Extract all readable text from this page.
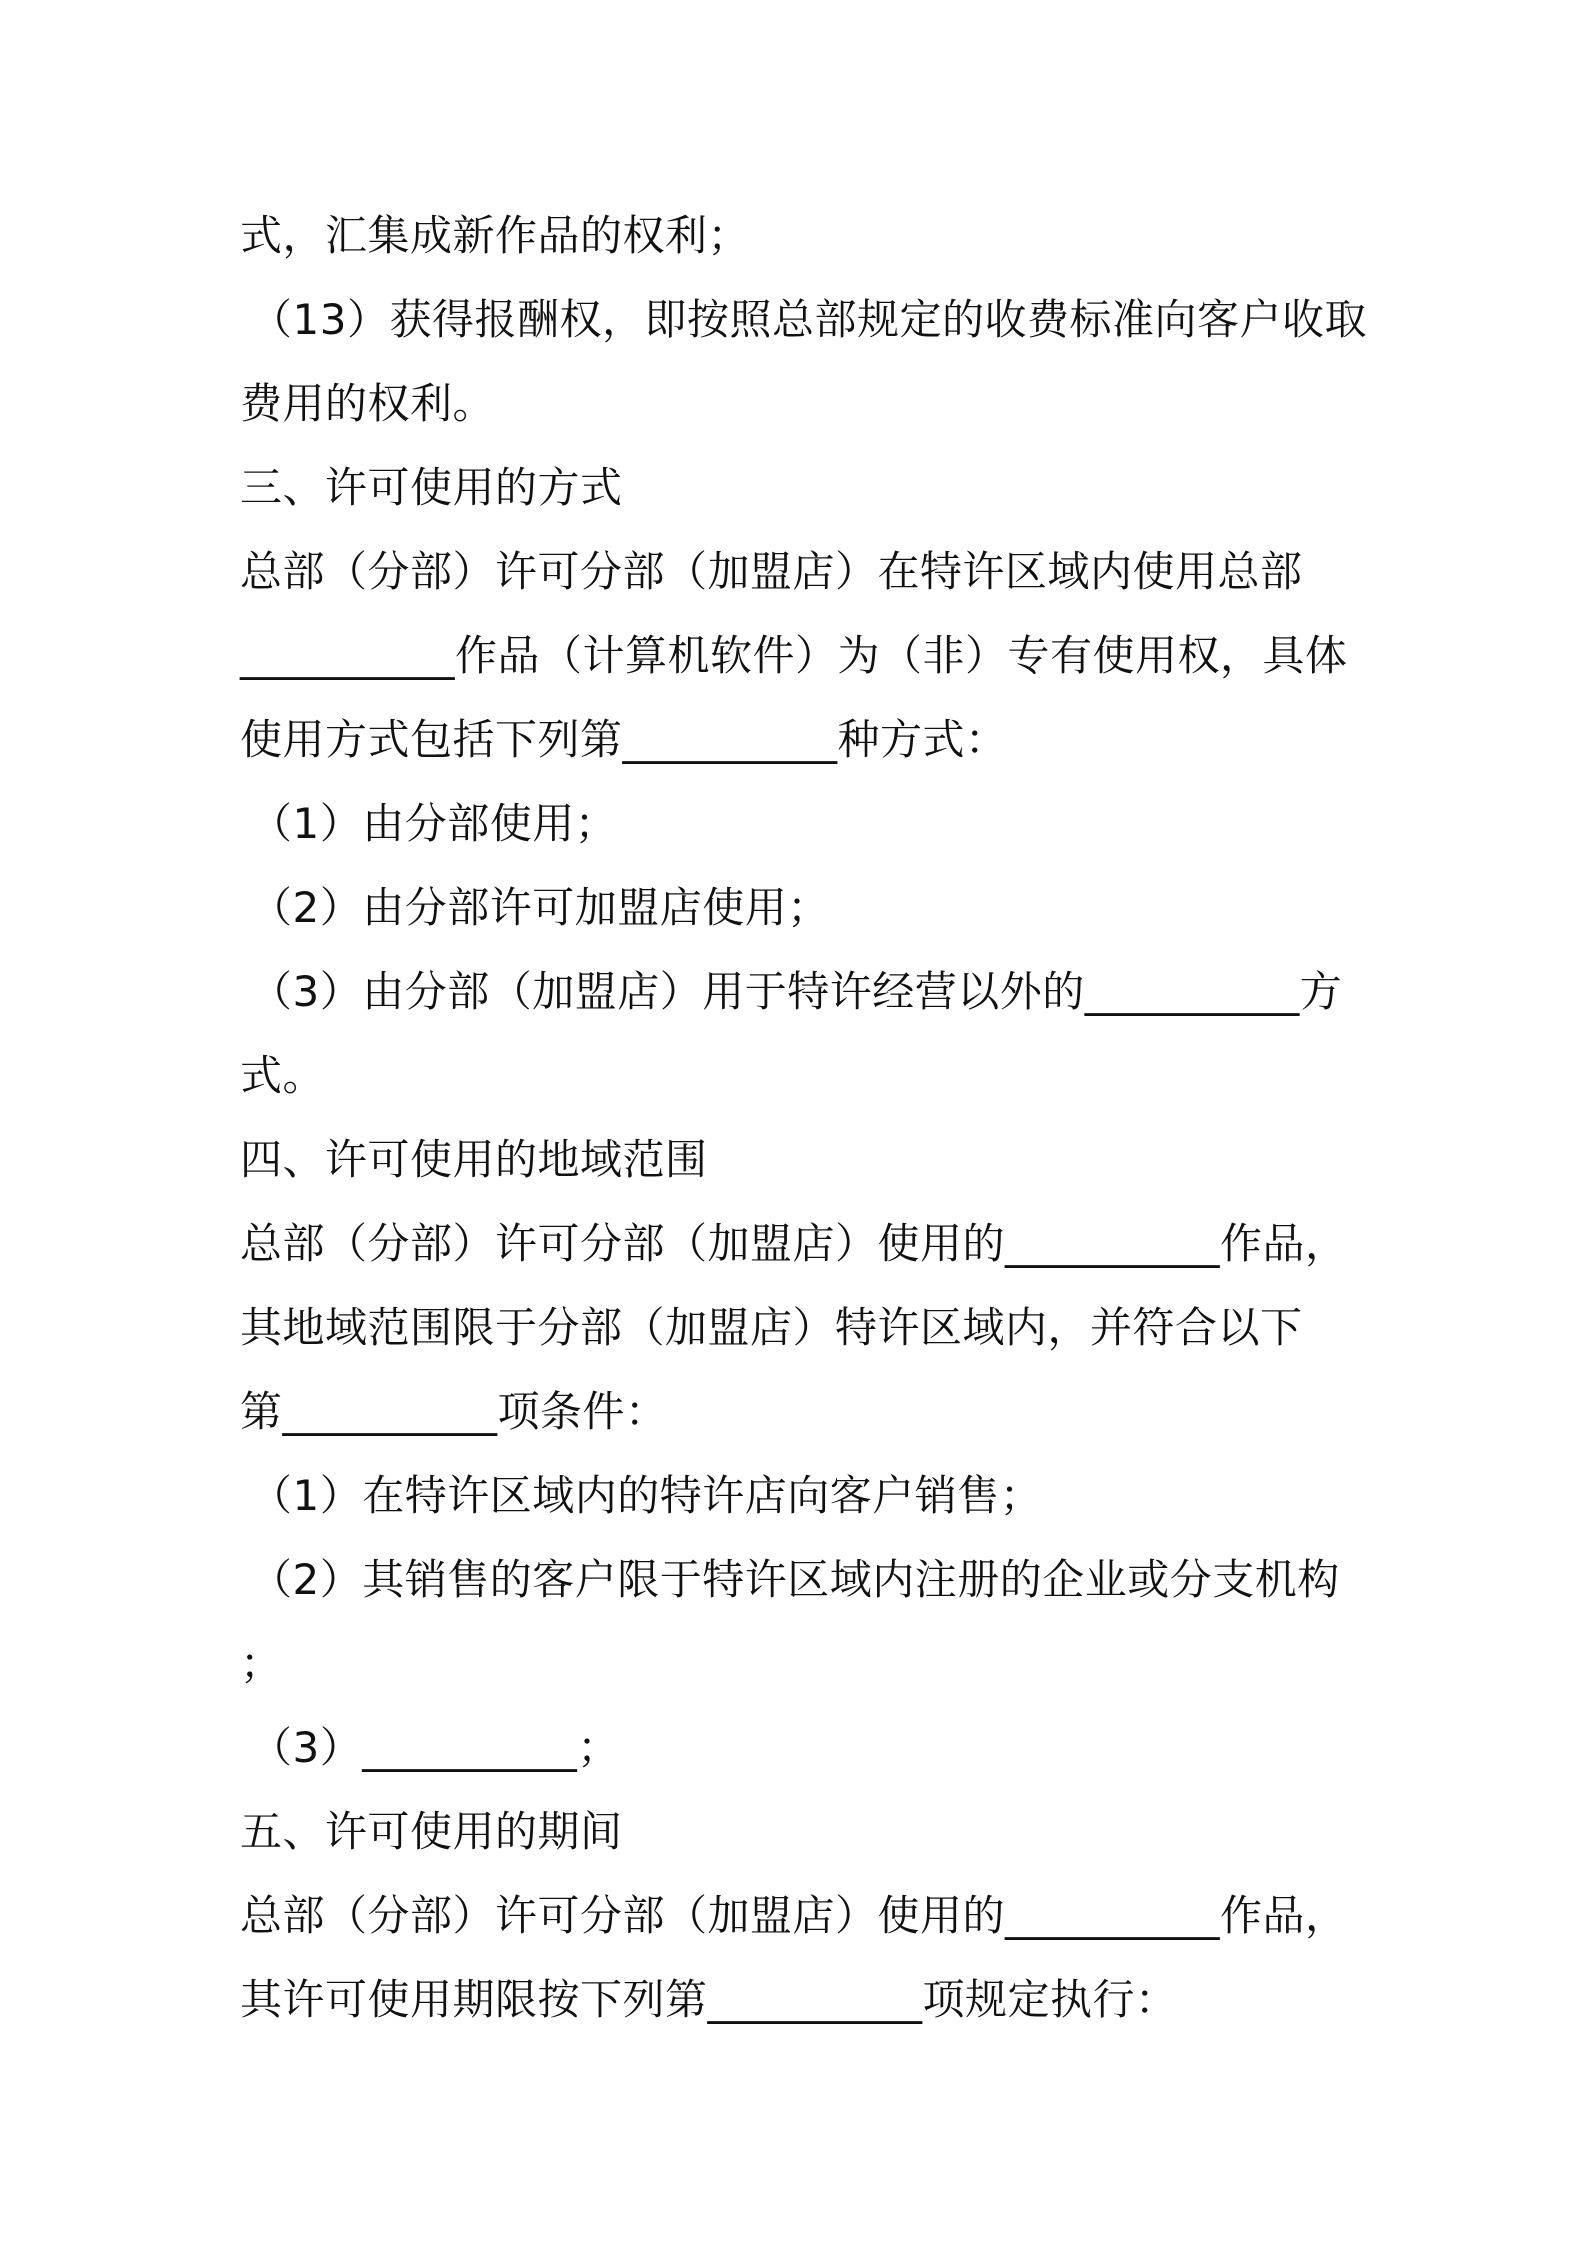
式，汇集成新作品的权利；
（13）获得报酬权，即按照总部规定的收费标准向客户收取
费用的权利。
三、许可使用的方式
总部（分部）许可分部（加盟店）在特许区域内使用总部
__________作品（计算机软件）为（非）专有使用权，具体
使用方式包括下列第__________种方式：
（1）由分部使用；
（2）由分部许可加盟店使用；
（3）由分部（加盟店）用于特许经营以外的__________方
式。
四、许可使用的地域范围
总部（分部）许可分部（加盟店）使用的__________作品，
其地域范围限于分部（加盟店）特许区域内，并符合以下
第__________项条件：
（1）在特许区域内的特许店向客户销售；
（2）其销售的客户限于特许区域内注册的企业或分支机构
；
（3）__________；
五、许可使用的期间
总部（分部）许可分部（加盟店）使用的__________作品，
其许可使用期限按下列第__________项规定执行：
